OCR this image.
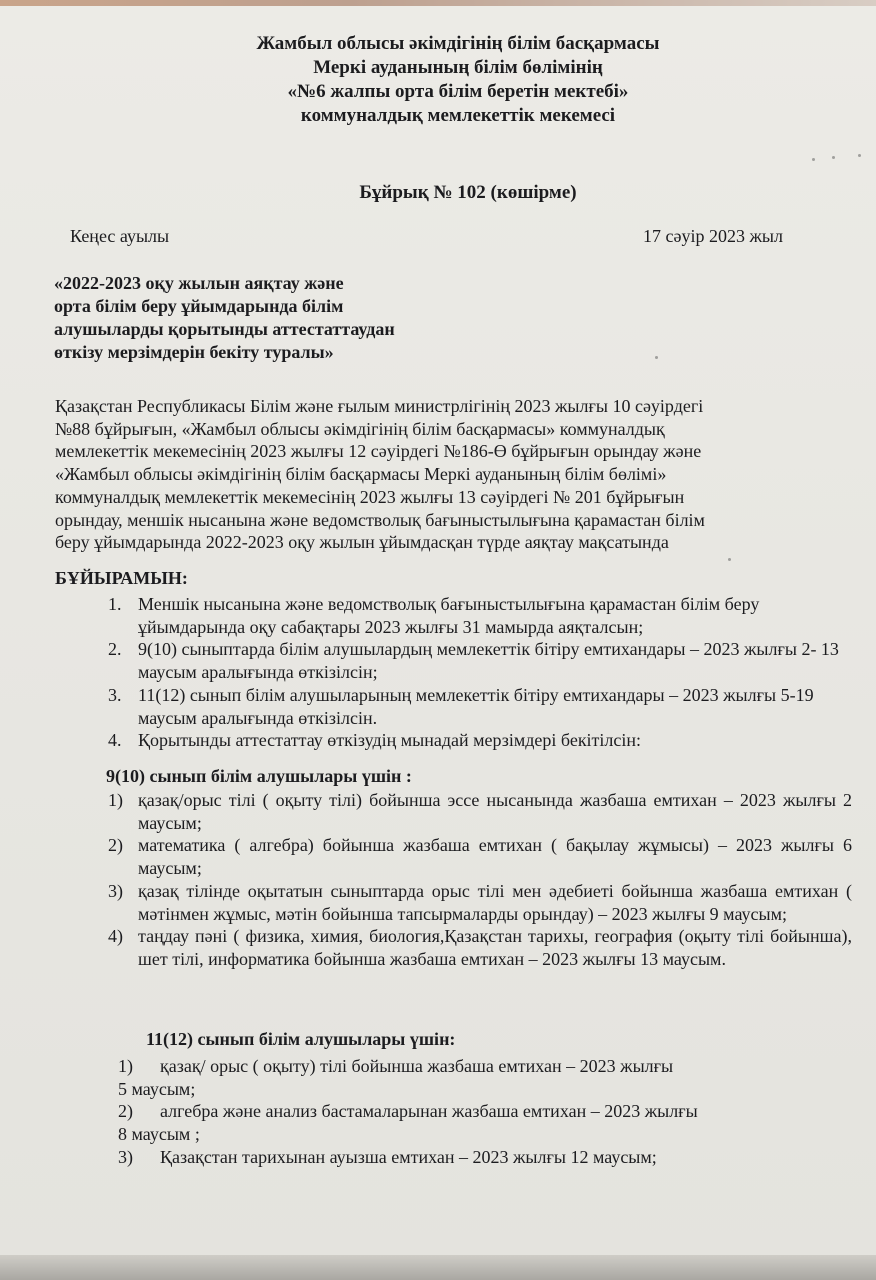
Жамбыл облысы әкімдігінің білім басқармасы
Меркі ауданының білім бөлімінің
«№6 жалпы орта білім беретін мектебі»
коммуналдық мемлекеттік мекемесі
Бұйрық № 102 (көшірме)
Кеңес ауылы	17 сәуір 2023 жыл
«2022-2023 оқу жылын аяқтау және
орта білім беру ұйымдарында білім
алушыларды қорытынды аттестаттаудан
өткізу мерзімдерін бекіту туралы»
Қазақстан Республикасы Білім және ғылым министрлігінің 2023 жылғы 10 сәуірдегі
№88 бұйрығын, «Жамбыл облысы әкімдігінің білім басқармасы» коммуналдық
мемлекеттік мекемесінің 2023 жылғы 12 сәуірдегі №186-Ө бұйрығын орындау және
«Жамбыл облысы әкімдігінің білім басқармасы Меркі ауданының білім бөлімі»
коммуналдық мемлекеттік мекемесінің 2023 жылғы 13 сәуірдегі № 201 бұйрығын
орындау, меншік нысанына және ведомстволық бағыныстылығына қарамастан білім
беру ұйымдарында 2022-2023 оқу жылын ұйымдасқан түрде аяқтау мақсатында
БҰЙЫРАМЫН:
1. Меншік нысанына және ведомстволық бағыныстылығына қарамастан білім беру ұйымдарында оқу сабақтары 2023 жылғы 31 мамырда аяқталсын;
2. 9(10) сыныптарда білім алушылардың мемлекеттік бітіру емтихандары – 2023 жылғы 2- 13 маусым аралығында өткізілсін;
3. 11(12) сынып білім алушыларының мемлекеттік бітіру емтихандары – 2023 жылғы 5-19 маусым аралығында өткізілсін.
4. Қорытынды аттестаттау өткізудің мынадай мерзімдері бекітілсін:
9(10) сынып білім алушылары үшін :
1) қазақ/орыс тілі ( оқыту тілі) бойынша эссе нысанында жазбаша емтихан – 2023 жылғы 2 маусым;
2) математика ( алгебра) бойынша жазбаша емтихан ( бақылау жұмысы) – 2023 жылғы 6 маусым;
3) қазақ тілінде оқытатын сыныптарда орыс тілі мен әдебиеті бойынша жазбаша емтихан ( мәтінмен жұмыс, мәтін бойынша тапсырмаларды орындау) – 2023 жылғы 9 маусым;
4) таңдау пәні ( физика, химия, биология,Қазақстан тарихы, география (оқыту тілі бойынша), шет тілі, информатика бойынша жазбаша емтихан – 2023 жылғы 13 маусым.
11(12) сынып білім алушылары үшін:
1) қазақ/ орыс ( оқыту) тілі бойынша жазбаша емтихан – 2023 жылғы
5 маусым;
2) алгебра және анализ бастамаларынан жазбаша емтихан – 2023 жылғы
8 маусым ;
3) Қазақстан тарихынан ауызша емтихан – 2023 жылғы 12 маусым;
